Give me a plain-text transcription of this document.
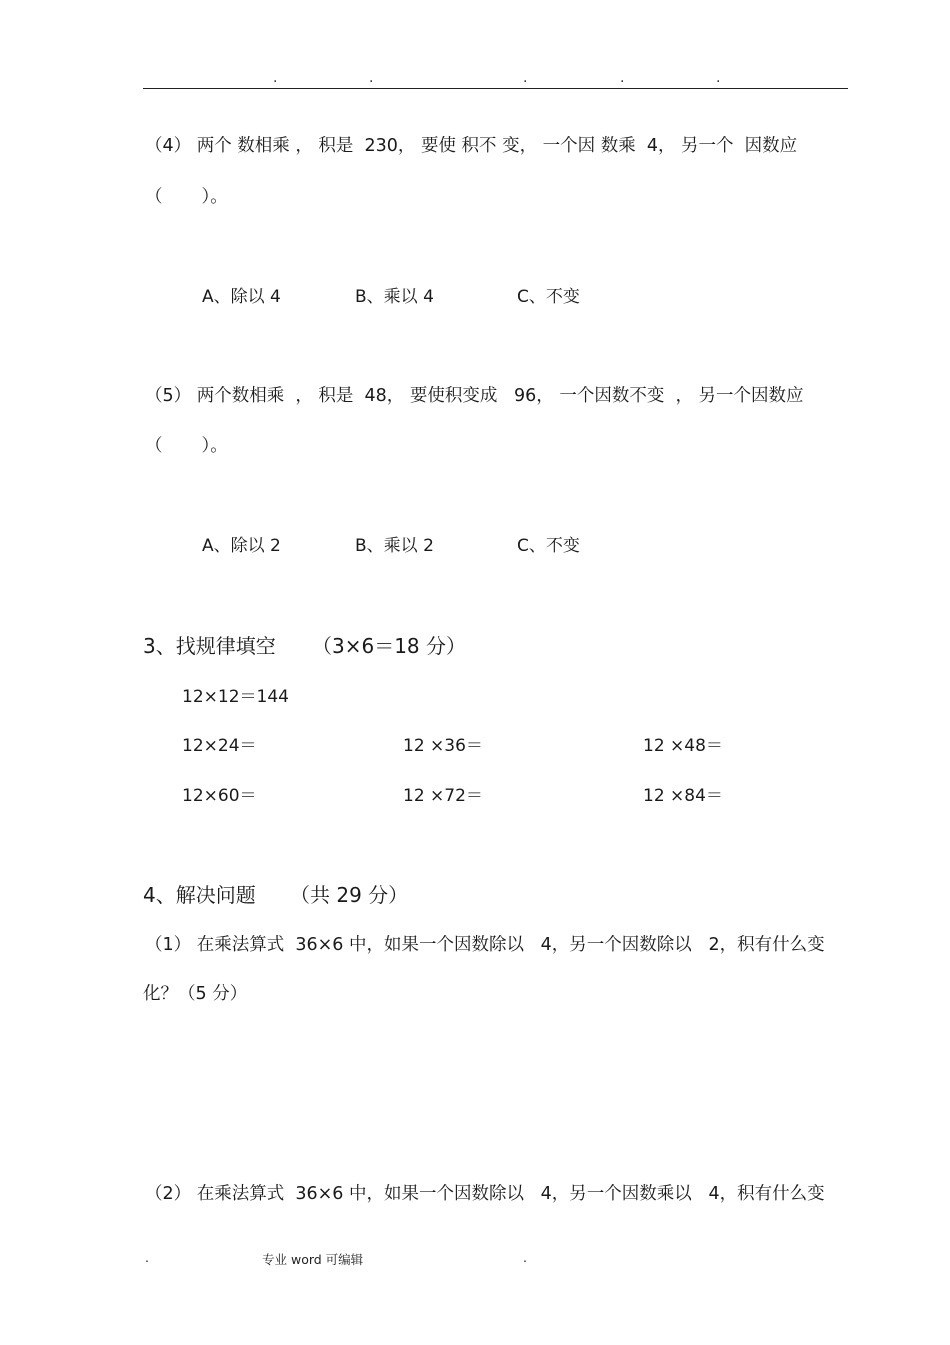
.	.	.	.	.
（4） 两个 数相乘 ， 积是  230， 要使 积不 变， 一个因 数乘  4， 另一个  因数应
（       ）。
A、除以 4	B、乘以 4	C、不变
（5） 两个数相乘  ， 积是  48， 要使积变成   96， 一个因数不变  ， 另一个因数应
（       ）。
A、除以 2	B、乘以 2	C、不变
3、找规律填空 （3×6＝18 分）
12×12＝144
12×24＝	12 ×36＝	12 ×48＝
12×60＝	12 ×72＝	12 ×84＝
4、解决问题 （共 29 分）
（1） 在乘法算式  36×6 中，如果一个因数除以   4，另一个因数除以   2，积有什么变
化？（5 分）
（2） 在乘法算式  36×6 中，如果一个因数除以   4，另一个因数乘以   4，积有什么变
.	专业 word 可编辑	.
